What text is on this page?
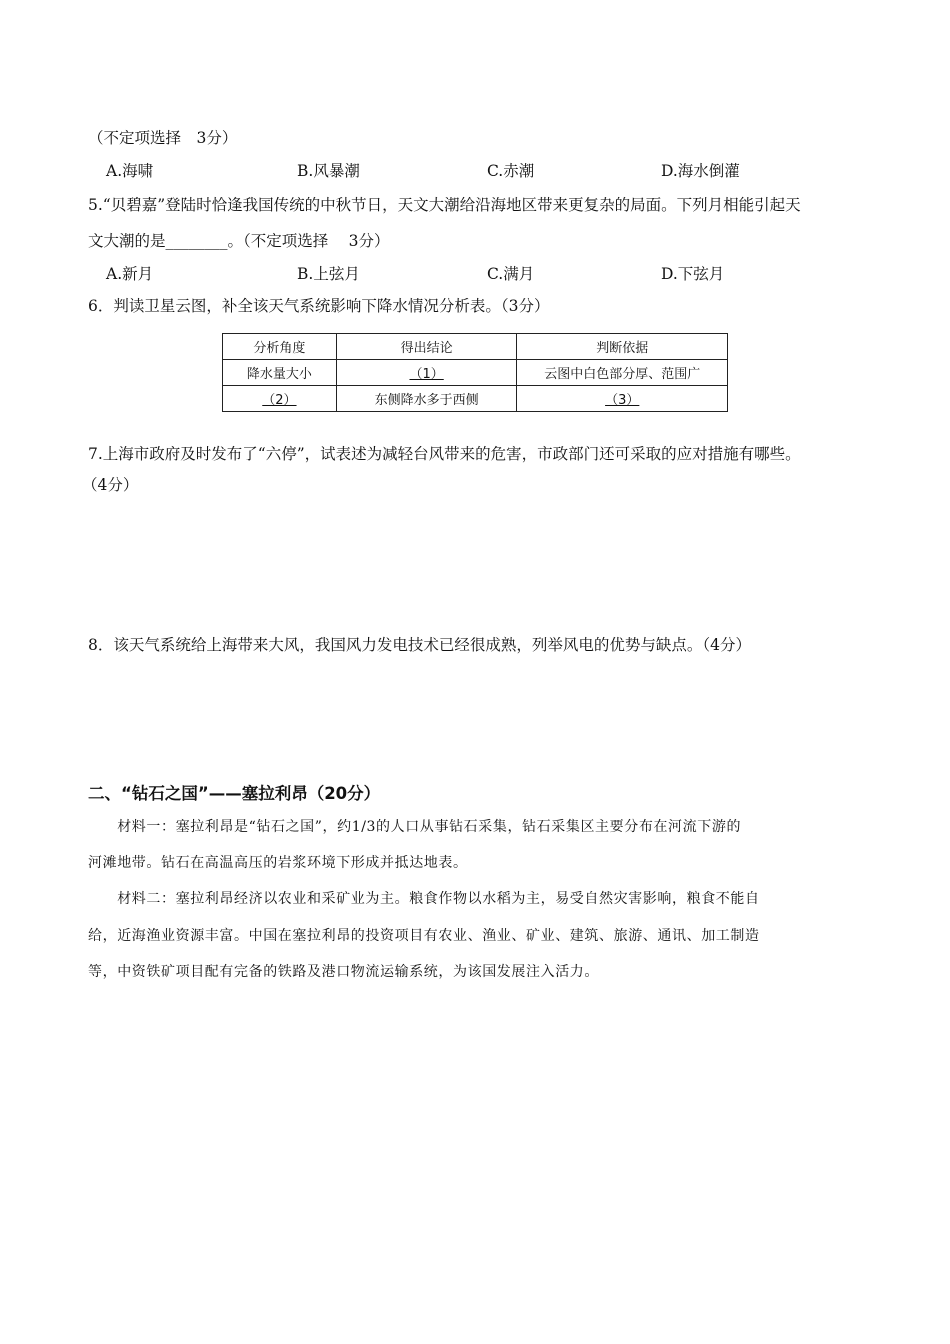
（不定项选择　3分）
A.海啸	B.风暴潮	C.赤潮	D.海水倒灌
5.“贝碧嘉”登陆时恰逢我国传统的中秋节日，天文大潮给沿海地区带来更复杂的局面。下列月相能引起天
文大潮的是________。（不定项选择　 3分）
A.新月	B.上弦月	C.满月	D.下弦月
6．判读卫星云图，补全该天气系统影响下降水情况分析表。（3分）
分析角度	得出结论	判断依据
降水量大小	（1）	云图中白色部分厚、范围广
（2）	东侧降水多于西侧	（3）
7.上海市政府及时发布了“六停”，试表述为减轻台风带来的危害，市政部门还可采取的应对措施有哪些。
（4分）
8．该天气系统给上海带来大风，我国风力发电技术已经很成熟，列举风电的优势与缺点。（4分）
二、“钻石之国”——塞拉利昂（20分）
　　材料一：塞拉利昂是“钻石之国”，约1/3的人口从事钻石采集，钻石采集区主要分布在河流下游的
河滩地带。钻石在高温高压的岩浆环境下形成并抵达地表。
　　材料二：塞拉利昂经济以农业和采矿业为主。粮食作物以水稻为主，易受自然灾害影响，粮食不能自
给，近海渔业资源丰富。中国在塞拉利昂的投资项目有农业、渔业、矿业、建筑、旅游、通讯、加工制造
等，中资铁矿项目配有完备的铁路及港口物流运输系统，为该国发展注入活力。
